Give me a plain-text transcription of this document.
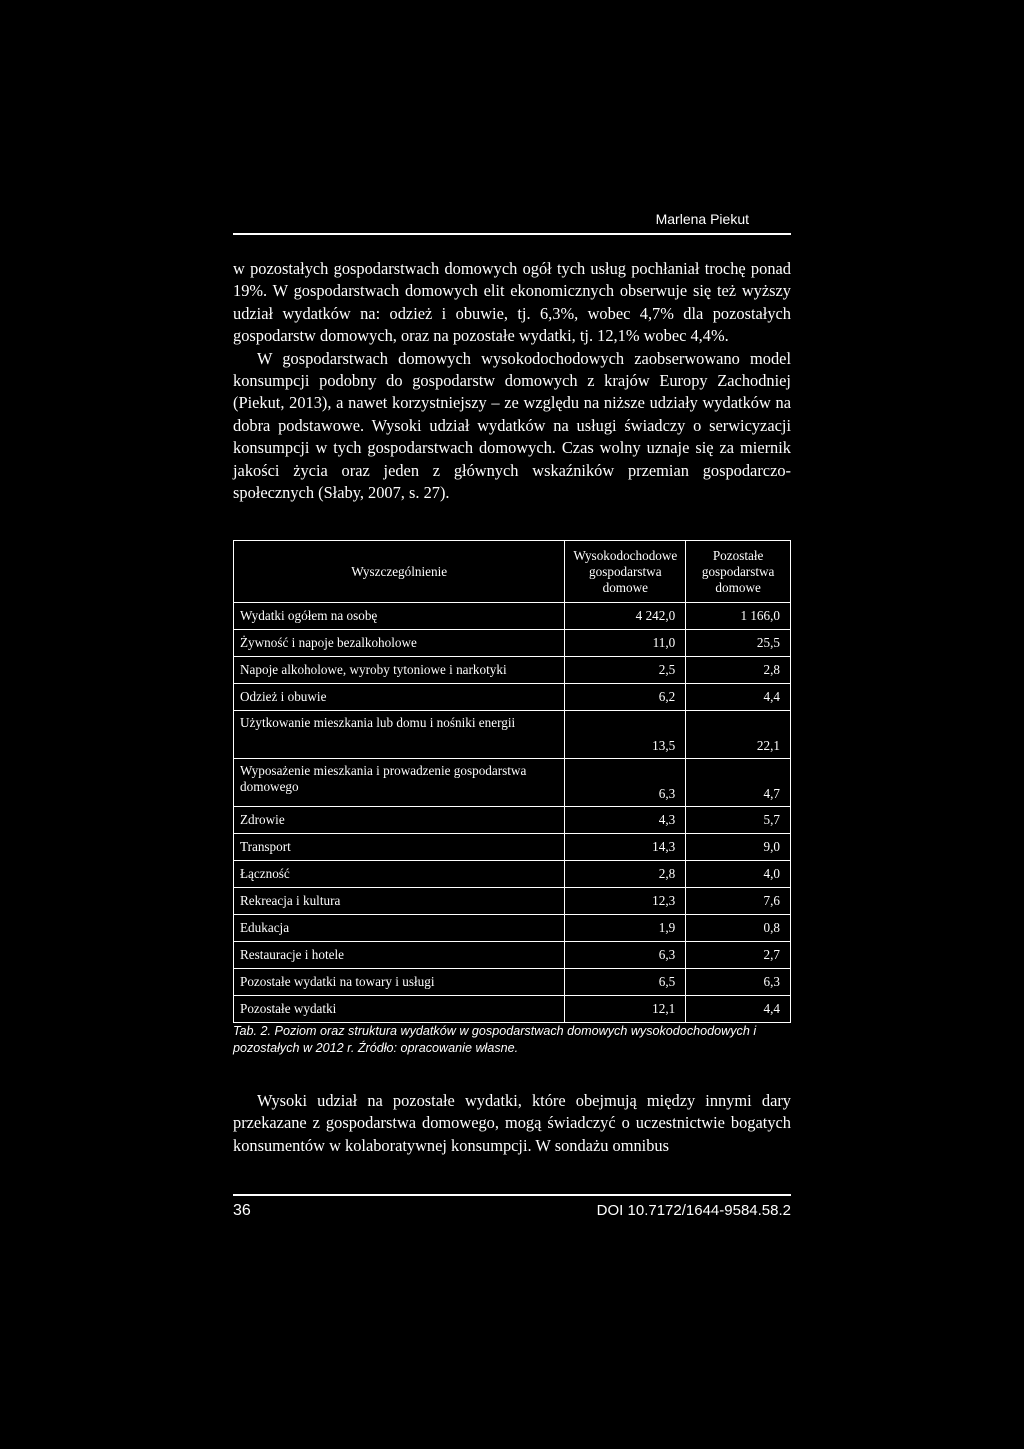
Marlena Piekut

w pozostałych gospodarstwach domowych ogół tych usług pochłaniał trochę ponad 19%. W gospodarstwach domowych elit ekonomicznych obserwuje się też wyższy udział wydatków na: odzież i obuwie, tj. 6,3%, wobec 4,7% dla pozostałych gospodarstw domowych, oraz na pozostałe wydatki, tj. 12,1% wobec 4,4%.

W gospodarstwach domowych wysokodochodowych zaobserwowano model konsumpcji podobny do gospodarstw domowych z krajów Europy Zachodniej (Piekut, 2013), a nawet korzystniejszy – ze względu na niższe udziały wydatków na dobra podstawowe. Wysoki udział wydatków na usługi świadczy o serwicyzacji konsumpcji w tych gospodarstwach domowych. Czas wolny uznaje się za miernik jakości życia oraz jeden z głównych wskaźników przemian gospodarczo-społecznych (Słaby, 2007, s. 27).

Wyszczególnienie	Wysokodochodowe gospodarstwa domowe	Pozostałe gospodarstwa domowe
Wydatki ogółem na osobę	4 242,0	1 166,0
Żywność i napoje bezalkoholowe	11,0	25,5
Napoje alkoholowe, wyroby tytoniowe i narkotyki	2,5	2,8
Odzież i obuwie	6,2	4,4
Użytkowanie mieszkania lub domu i nośniki energii	13,5	22,1
Wyposażenie mieszkania i prowadzenie gospodarstwa domowego	6,3	4,7
Zdrowie	4,3	5,7
Transport	14,3	9,0
Łączność	2,8	4,0
Rekreacja i kultura	12,3	7,6
Edukacja	1,9	0,8
Restauracje i hotele	6,3	2,7
Pozostałe wydatki na towary i usługi	6,5	6,3
Pozostałe wydatki	12,1	4,4
Tab. 2. Poziom oraz struktura wydatków w gospodarstwach domowych wysokodochodowych i pozostałych w 2012 r. Źródło: opracowanie własne.

Wysoki udział na pozostałe wydatki, które obejmują między innymi dary przekazane z gospodarstwa domowego, mogą świadczyć o uczestnictwie bogatych konsumentów w kolaboratywnej konsumpcji. W sondażu omnibus

36	DOI 10.7172/1644-9584.58.2
